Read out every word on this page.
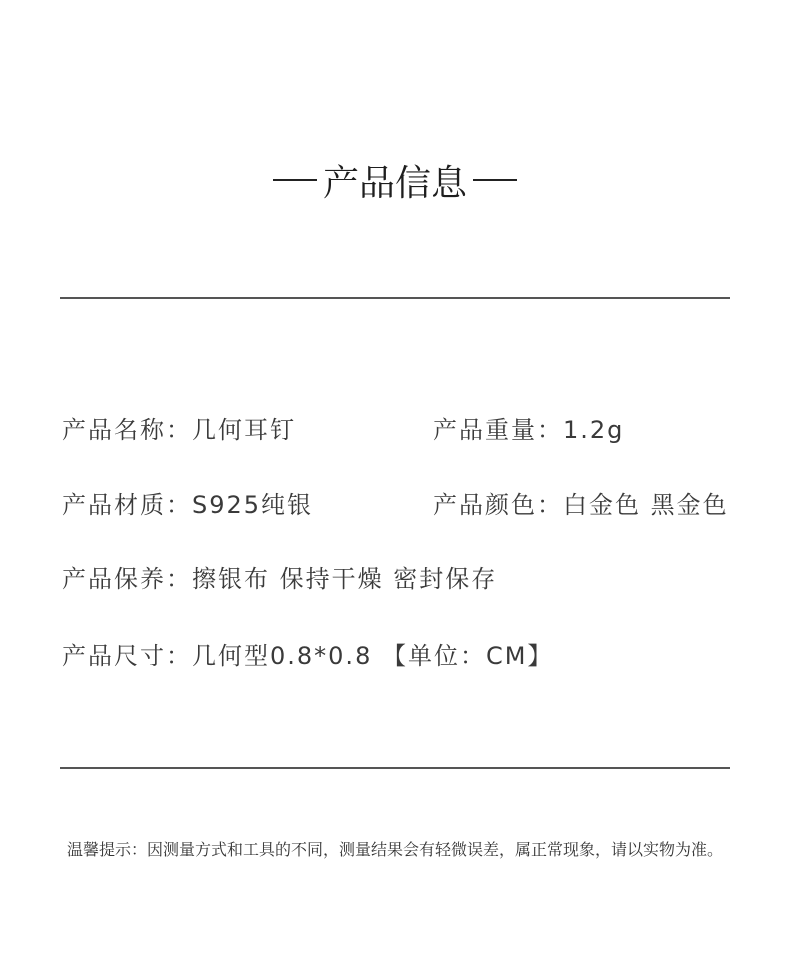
产品信息
产品名称：几何耳钉	产品重量：1.2g
产品材质：S925纯银	产品颜色：白金色 黑金色
产品保养：擦银布 保持干燥 密封保存
产品尺寸：几何型0.8*0.8 【单位：CM】
温馨提示：因测量方式和工具的不同，测量结果会有轻微误差，属正常现象，请以实物为准。
